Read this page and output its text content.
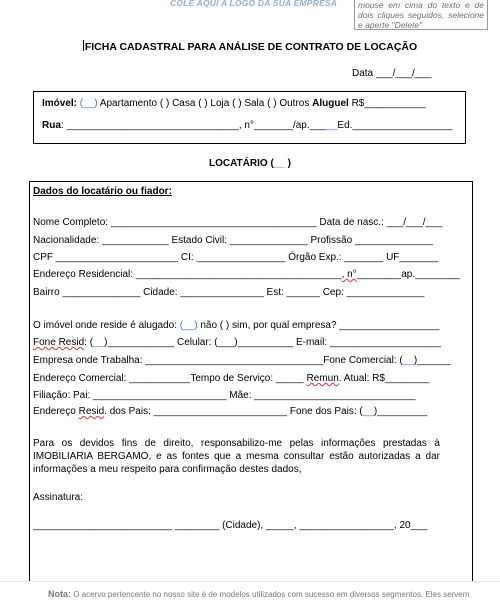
COLE AQUI A LOGO DA SUA EMPRESA	mouse em cima do texto e de dois cliques seguidos, selecione e aperte "Delete"
FICHA CADASTRAL PARA ANÁLISE DE CONTRATO DE LOCAÇÃO
Data ___/___/___
Imóvel: (__) Apartamento ( ) Casa ( ) Loja ( ) Sala ( ) Outros Aluguel R$___________
Rua: _______________________________, n°_______/ap._____Ed.__________________
LOCATÁRIO (__ )
Dados do locatário ou fiador:
Nome Completo: _____________________________________ Data de nasc.: ___/___/___
Nacionalidade: ____________ Estado Civil: ______________ Profissão ______________
CPF ______________________ CI: ________________ Órgão Exp.: _______ UF_______
Endereço Residencial: _____________________________________, n°________ap.________
Bairro ______________ Cidade: _______________ Est: ______ Cep: ______________
O imóvel onde reside é alugado: (__) não ( ) sim, por qual empresa? __________________
Fone Resid: (__)____________ Celular: (___)__________ E-mail: ____________________
Empresa onde Trabalha: ________________________________Fone Comercial: (__)______
Endereço Comercial: ___________Tempo de Serviço: _____ Remun. Atual: R$________
Filiação: Pai: ________________________ Mãe: _____________________________
Endereço Resid. dos Pais: ________________________ Fone dos Pais: (__)_________
Para os devidos fins de direito, responsabilizo-me pelas informações prestadas à IMOBILIARIA BERGAMO, e as fontes que a mesma consultar estão autorizadas a dar informações a meu respeito para confirmação destes dados,
Assinatura:
_________________________ ________ (Cidade), _____, _________________, 20___
Nota: O acervo pertencente no nosso site é de modelos utilizados com sucesso em diversos segmentos. Eles servem
